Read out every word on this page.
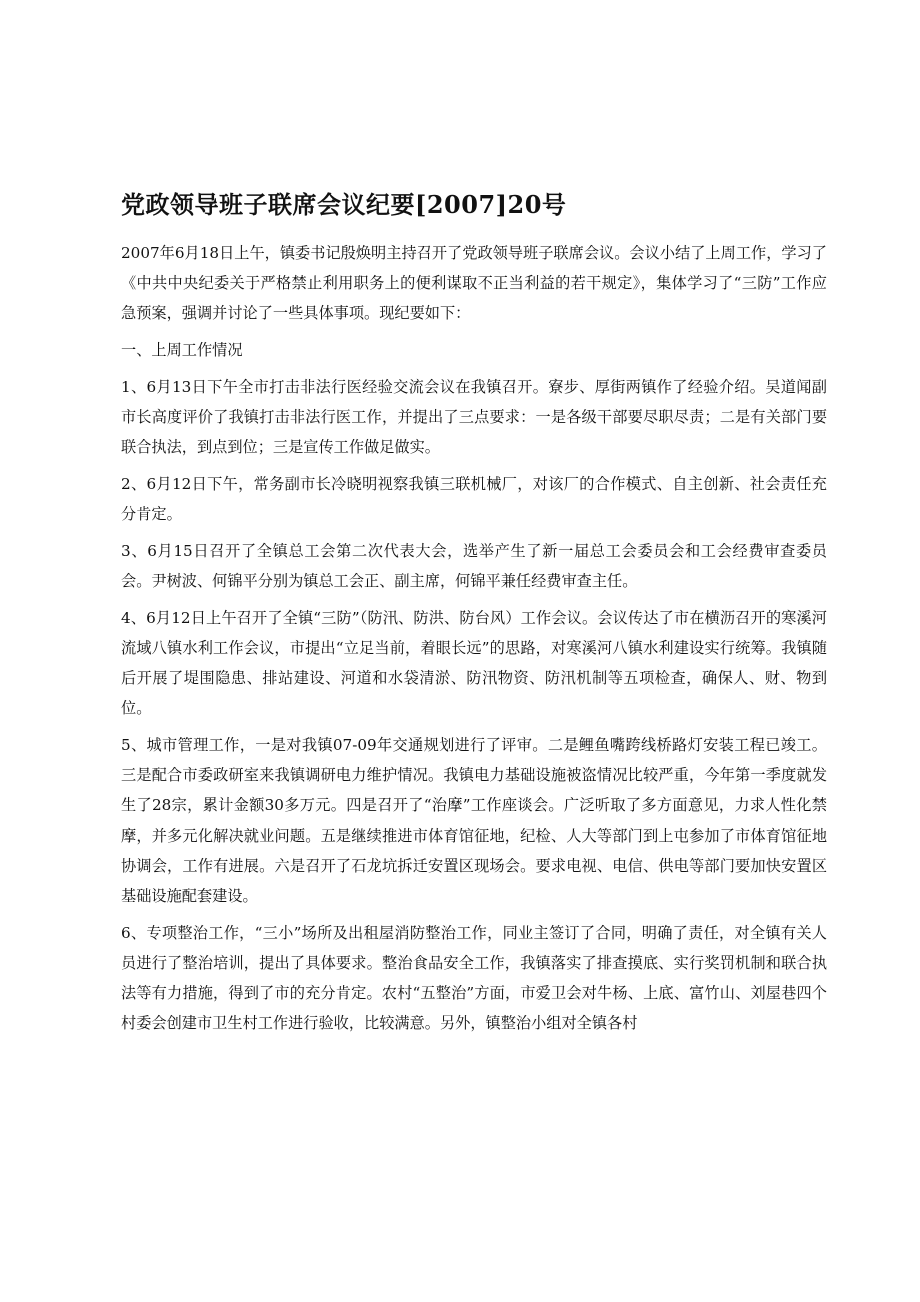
党政领导班子联席会议纪要[2007]20号

2007年6月18日上午，镇委书记殷焕明主持召开了党政领导班子联席会议。会议小结了上周工作，学习了《中共中央纪委关于严格禁止利用职务上的便利谋取不正当利益的若干规定》，集体学习了“三防”工作应急预案，强调并讨论了一些具体事项。现纪要如下：

一、上周工作情况

1、6月13日下午全市打击非法行医经验交流会议在我镇召开。寮步、厚街两镇作了经验介绍。吴道闻副市长高度评价了我镇打击非法行医工作，并提出了三点要求：一是各级干部要尽职尽责；二是有关部门要联合执法，到点到位；三是宣传工作做足做实。

2、6月12日下午，常务副市长冷晓明视察我镇三联机械厂，对该厂的合作模式、自主创新、社会责任充分肯定。

3、6月15日召开了全镇总工会第二次代表大会，选举产生了新一届总工会委员会和工会经费审查委员会。尹树波、何锦平分别为镇总工会正、副主席，何锦平兼任经费审查主任。

4、6月12日上午召开了全镇“三防”（防汛、防洪、防台风）工作会议。会议传达了市在横沥召开的寒溪河流域八镇水利工作会议，市提出“立足当前，着眼长远”的思路，对寒溪河八镇水利建设实行统筹。我镇随后开展了堤围隐患、排站建设、河道和水袋清淤、防汛物资、防汛机制等五项检查，确保人、财、物到位。

5、城市管理工作，一是对我镇07-09年交通规划进行了评审。二是鲤鱼嘴跨线桥路灯安装工程已竣工。三是配合市委政研室来我镇调研电力维护情况。我镇电力基础设施被盗情况比较严重，今年第一季度就发生了28宗，累计金额30多万元。四是召开了“治摩”工作座谈会。广泛听取了多方面意见，力求人性化禁摩，并多元化解决就业问题。五是继续推进市体育馆征地，纪检、人大等部门到上屯参加了市体育馆征地协调会，工作有进展。六是召开了石龙坑拆迁安置区现场会。要求电视、电信、供电等部门要加快安置区基础设施配套建设。

6、专项整治工作，“三小”场所及出租屋消防整治工作，同业主签订了合同，明确了责任，对全镇有关人员进行了整治培训，提出了具体要求。整治食品安全工作，我镇落实了排查摸底、实行奖罚机制和联合执法等有力措施，得到了市的充分肯定。农村“五整治”方面，市爱卫会对牛杨、上底、富竹山、刘屋巷四个村委会创建市卫生村工作进行验收，比较满意。另外，镇整治小组对全镇各村
